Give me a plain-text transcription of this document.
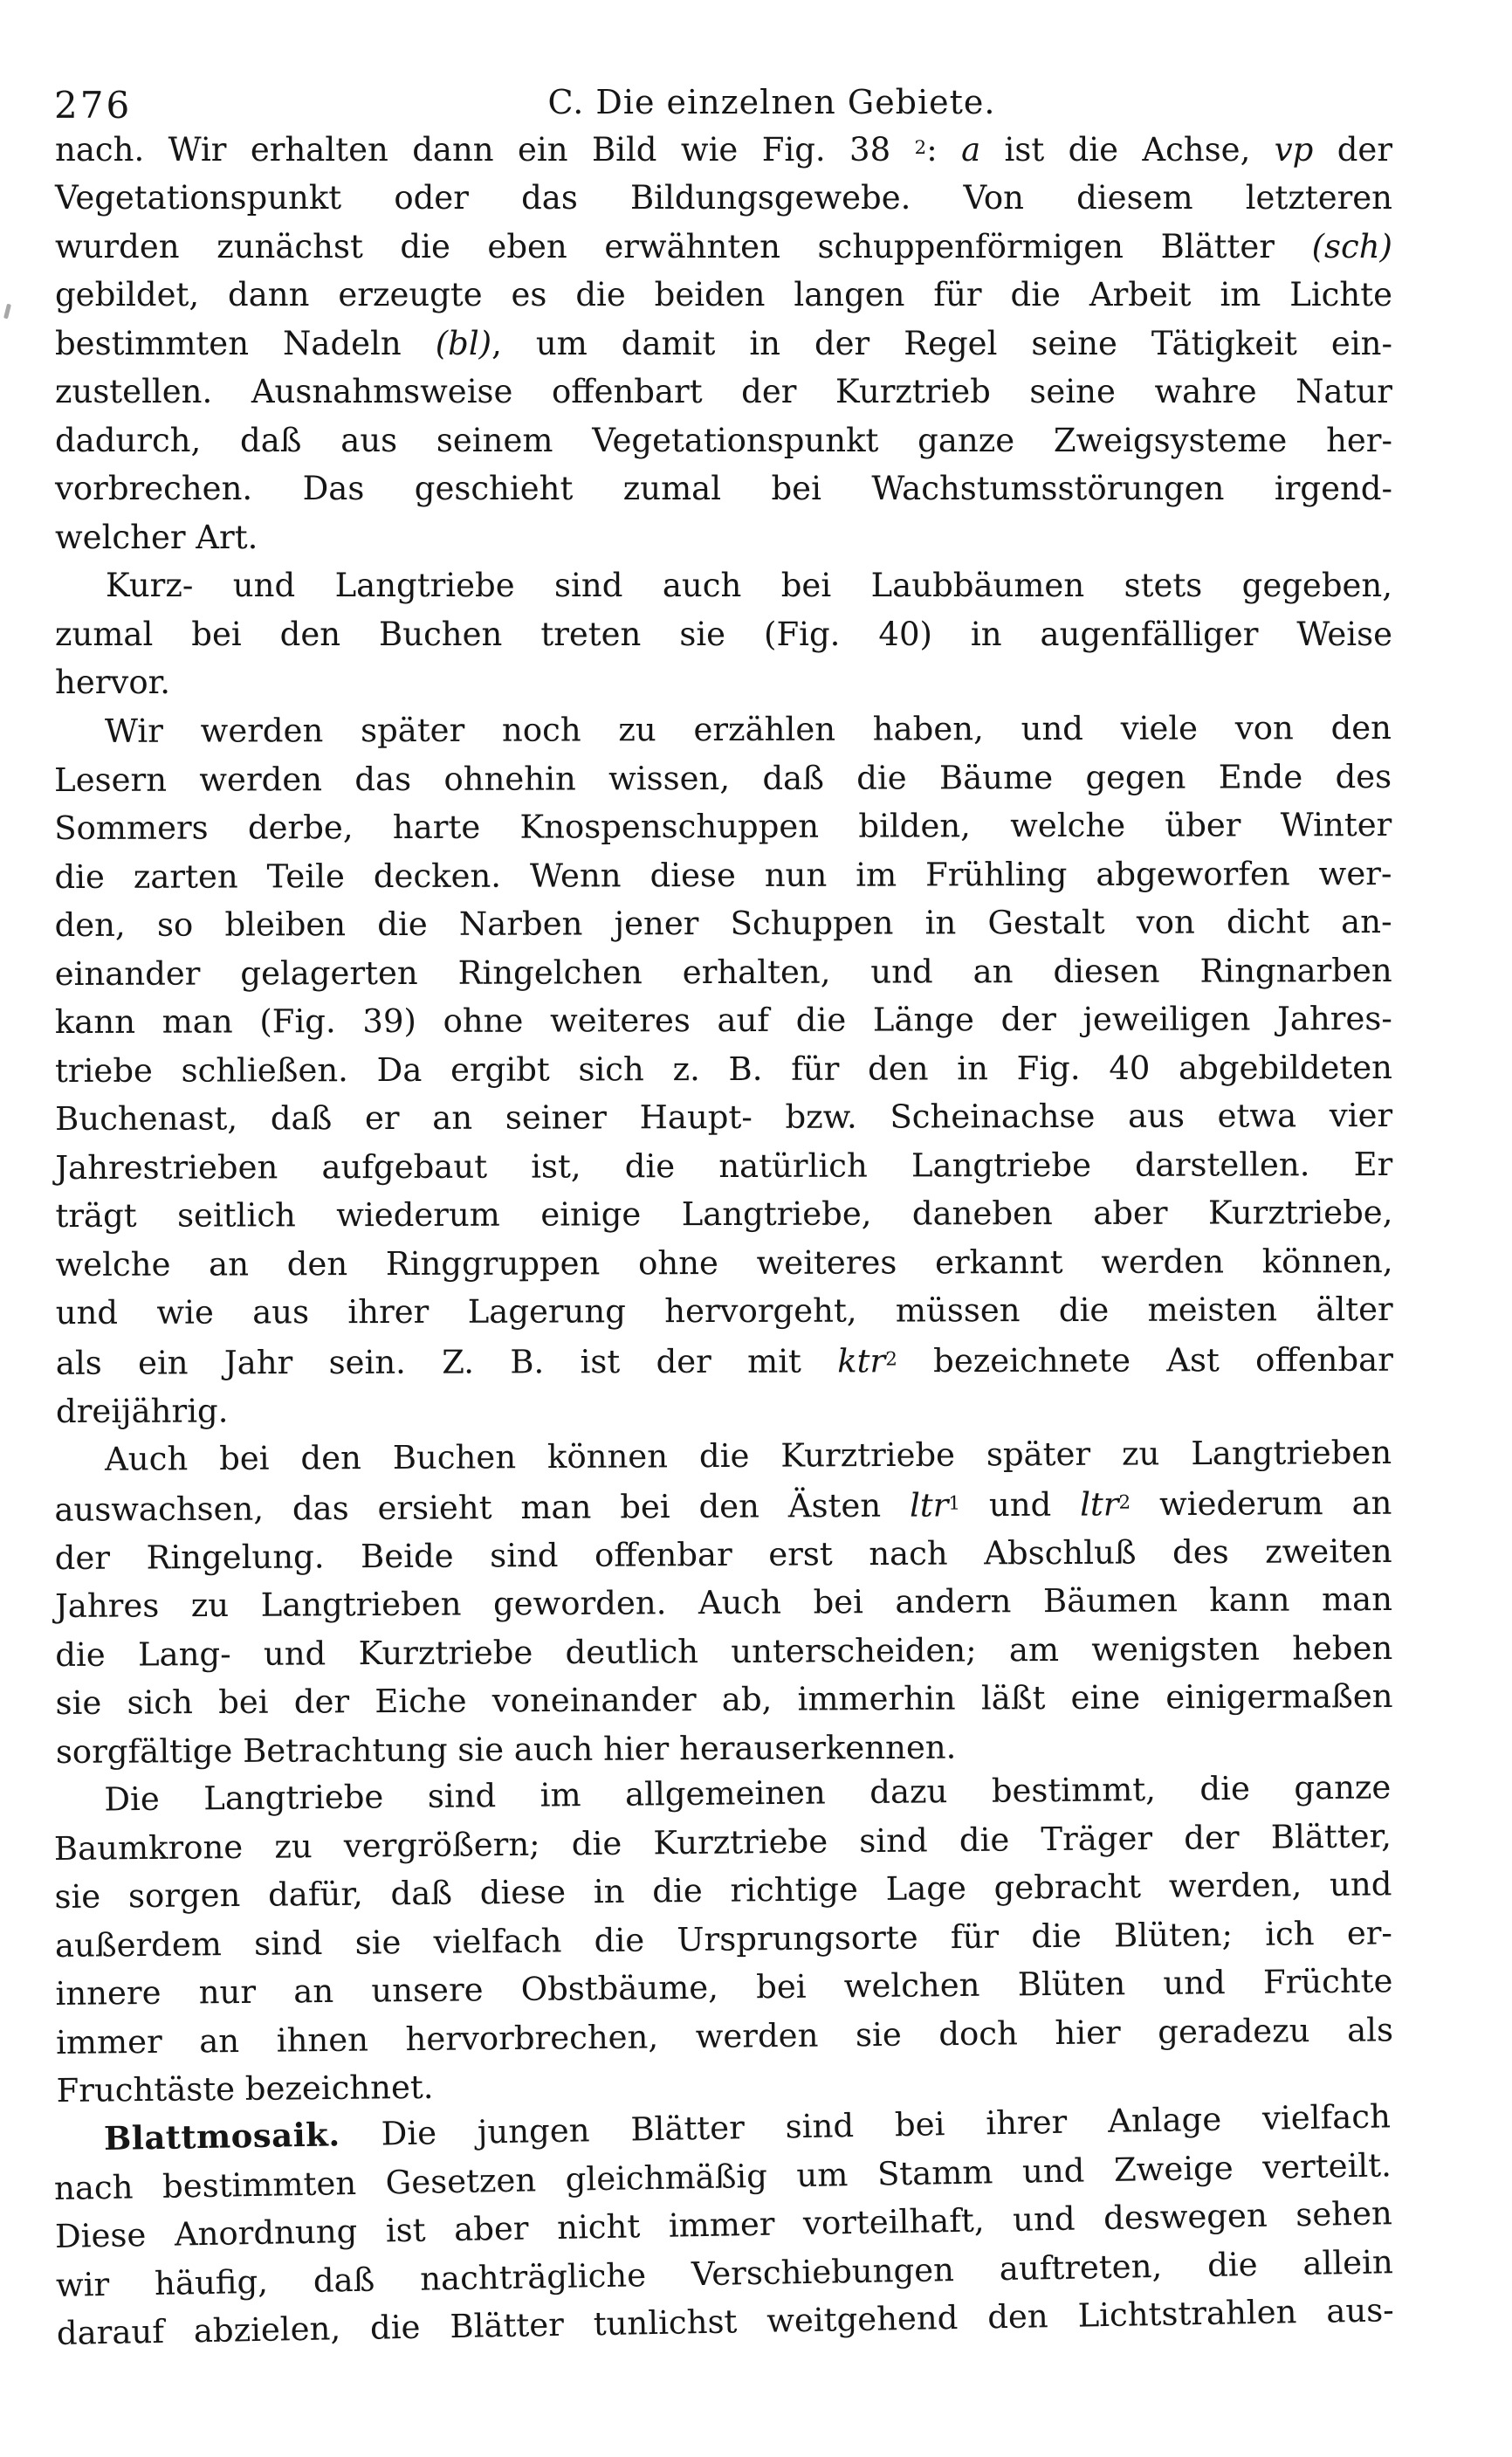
276	C. Die einzelnen Gebiete.
nach. Wir erhalten dann ein Bild wie Fig. 38 $^2$: a ist die Achse, vp der
Vegetationspunkt oder das Bildungsgewebe. Von diesem letzteren
wurden zunächst die eben erwähnten schuppenförmigen Blätter (sch)
gebildet, dann erzeugte es die beiden langen für die Arbeit im Lichte
bestimmten Nadeln (bl), um damit in der Regel seine Tätigkeit ein-
zustellen. Ausnahmsweise offenbart der Kurztrieb seine wahre Natur
dadurch, daß aus seinem Vegetationspunkt ganze Zweigsysteme her-
vorbrechen. Das geschieht zumal bei Wachstumsstörungen irgend-
welcher Art.
Kurz- und Langtriebe sind auch bei Laubbäumen stets gegeben,
zumal bei den Buchen treten sie (Fig. 40) in augenfälliger Weise
hervor.
Wir werden später noch zu erzählen haben, und viele von den
Lesern werden das ohnehin wissen, daß die Bäume gegen Ende des
Sommers derbe, harte Knospenschuppen bilden, welche über Winter
die zarten Teile decken. Wenn diese nun im Frühling abgeworfen wer-
den, so bleiben die Narben jener Schuppen in Gestalt von dicht an-
einander gelagerten Ringelchen erhalten, und an diesen Ringnarben
kann man (Fig. 39) ohne weiteres auf die Länge der jeweiligen Jahres-
triebe schließen. Da ergibt sich z. B. für den in Fig. 40 abgebildeten
Buchenast, daß er an seiner Haupt- bzw. Scheinachse aus etwa vier
Jahrestrieben aufgebaut ist, die natürlich Langtriebe darstellen. Er
trägt seitlich wiederum einige Langtriebe, daneben aber Kurztriebe,
welche an den Ringgruppen ohne weiteres erkannt werden können,
und wie aus ihrer Lagerung hervorgeht, müssen die meisten älter
als ein Jahr sein. Z. B. ist der mit ktr$^2$ bezeichnete Ast offenbar
dreijährig.
Auch bei den Buchen können die Kurztriebe später zu Langtrieben
auswachsen, das ersieht man bei den Ästen ltr$^1$ und ltr$^2$ wiederum an
der Ringelung. Beide sind offenbar erst nach Abschluß des zweiten
Jahres zu Langtrieben geworden. Auch bei andern Bäumen kann man
die Lang- und Kurztriebe deutlich unterscheiden; am wenigsten heben
sie sich bei der Eiche voneinander ab, immerhin läßt eine einigermaßen
sorgfältige Betrachtung sie auch hier herauserkennen.
Die Langtriebe sind im allgemeinen dazu bestimmt, die ganze
Baumkrone zu vergrößern; die Kurztriebe sind die Träger der Blätter,
sie sorgen dafür, daß diese in die richtige Lage gebracht werden, und
außerdem sind sie vielfach die Ursprungsorte für die Blüten; ich er-
innere nur an unsere Obstbäume, bei welchen Blüten und Früchte
immer an ihnen hervorbrechen, werden sie doch hier geradezu als
Fruchtäste bezeichnet.
Blattmosaik. Die jungen Blätter sind bei ihrer Anlage vielfach
nach bestimmten Gesetzen gleichmäßig um Stamm und Zweige verteilt.
Diese Anordnung ist aber nicht immer vorteilhaft, und deswegen sehen
wir häufig, daß nachträgliche Verschiebungen auftreten, die allein
darauf abzielen, die Blätter tunlichst weitgehend den Lichtstrahlen aus-
